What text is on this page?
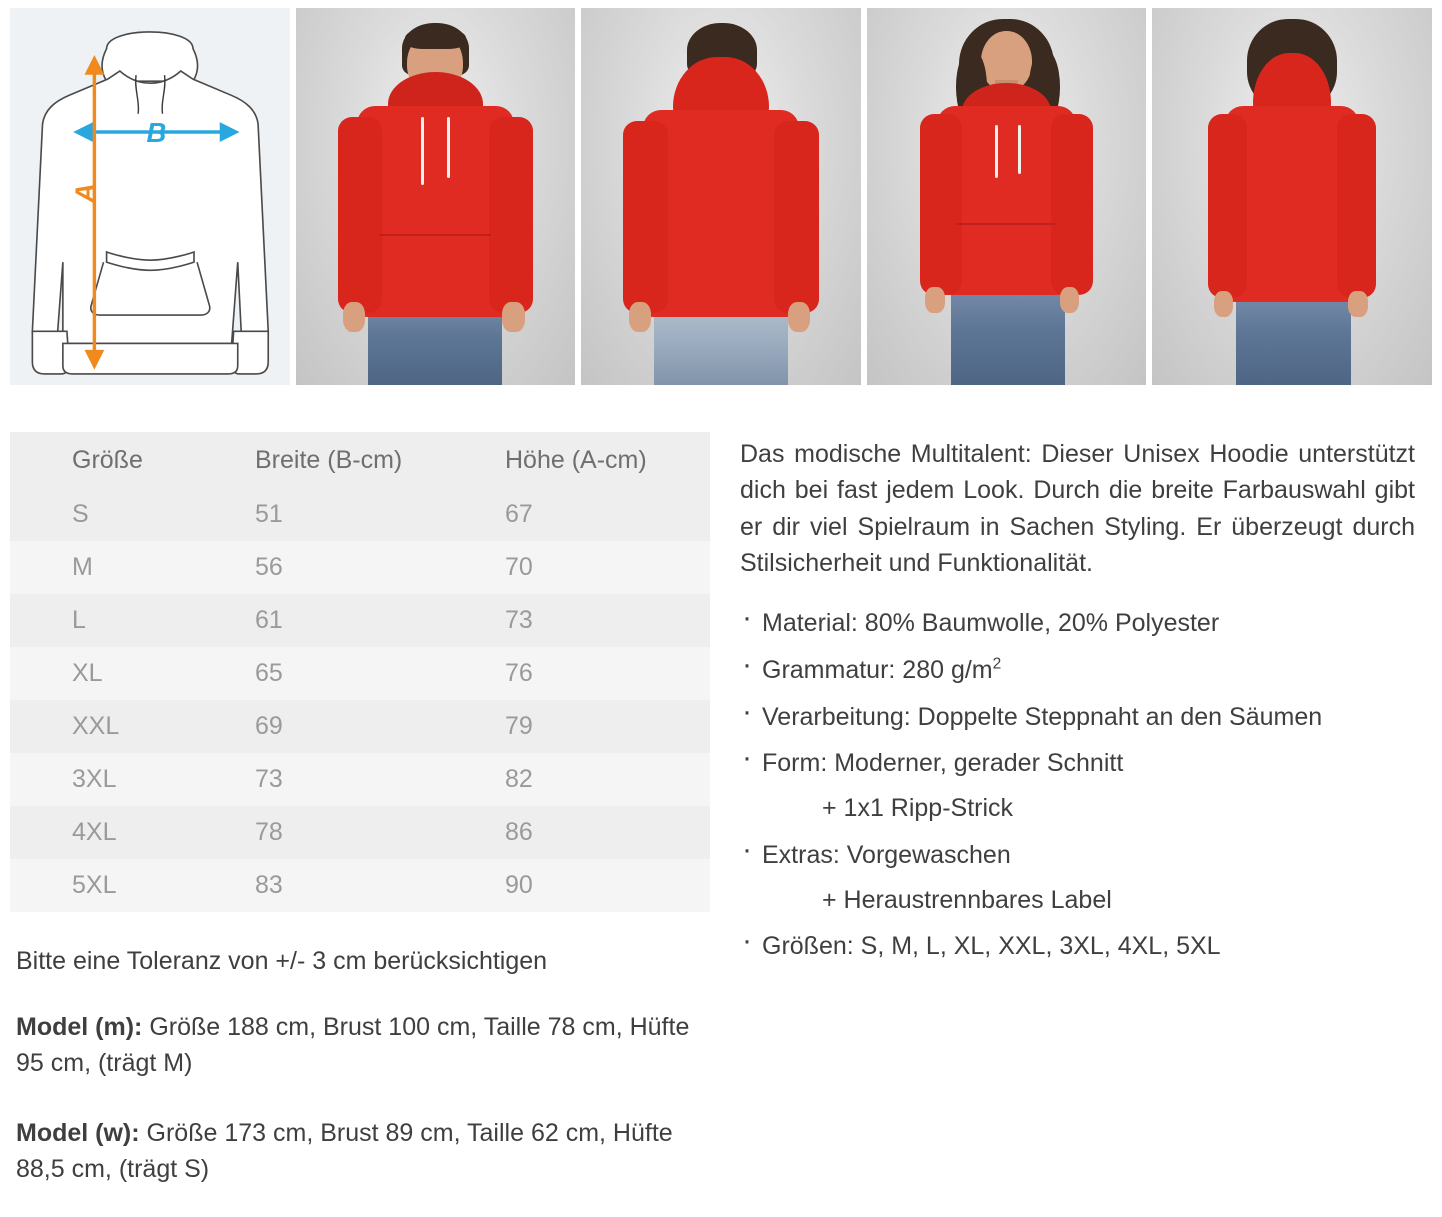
B
A
Größe	Breite (B-cm)	Höhe (A-cm)
S	51	67
M	56	70
L	61	73
XL	65	76
XXL	69	79
3XL	73	82
4XL	78	86
5XL	83	90
Bitte eine Toleranz von +/- 3 cm berücksichtigen
Model (m): Größe 188 cm, Brust 100 cm, Taille 78 cm, Hüfte 95 cm, (trägt M)
Model (w): Größe 173 cm, Brust 89 cm, Taille 62 cm, Hüfte 88,5 cm, (trägt S)

Das modische Multitalent: Dieser Unisex Hoodie unterstützt dich bei fast jedem Look. Durch die breite Farbauswahl gibt er dir viel Spielraum in Sachen Styling. Er überzeugt durch Stilsicherheit und Funktionalität.

· Material: 80% Baumwolle, 20% Polyester
· Grammatur: 280 $g/m^2$
· Verarbeitung: Doppelte Steppnaht an den Säumen
· Form: Moderner, gerader Schnitt
+ 1x1 Ripp-Strick
· Extras: Vorgewaschen
+ Heraustrennbares Label
· Größen: S, M, L, XL, XXL, 3XL, 4XL, 5XL
